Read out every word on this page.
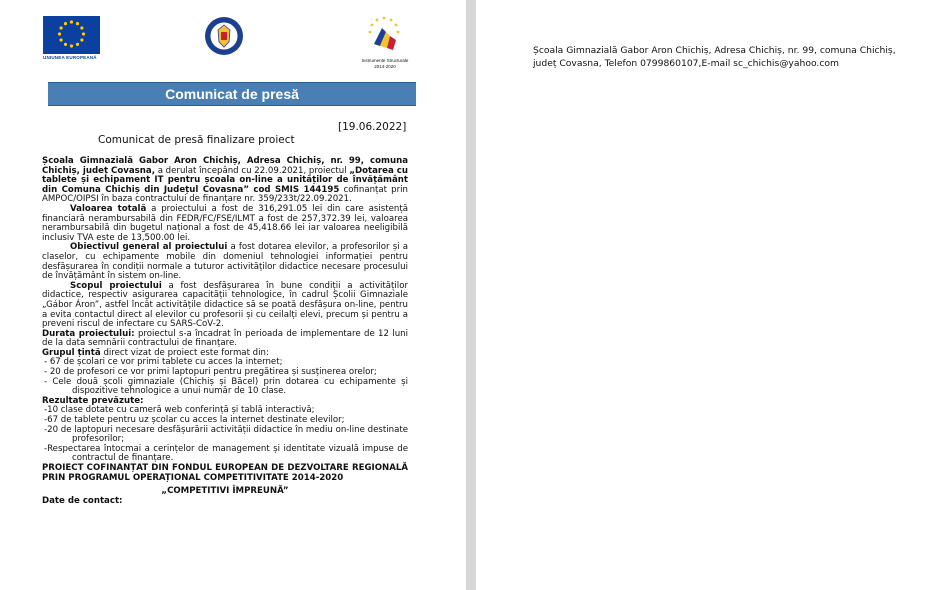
UNIUNEA EUROPEANĂ
Instrumente Structurale
2014-2020
Comunicat de presă
[19.06.2022]
Comunicat de presă finalizare proiect

Școala Gimnazială Gabor Aron Chichiș, Adresa Chichiș, nr. 99, comuna Chichiș, județ Covasna, a derulat începând cu 22.09.2021, proiectul „Dotarea cu tablete și echipament IT pentru școala on-line a unităților de învățământ din Comuna Chichiș din Județul Covasna” cod SMIS 144195 cofinanțat prin AMPOC/OIPSI în baza contractului de finanțare nr. 359/233t/22.09.2021.

Valoarea totală a proiectului a fost de 316,291.05 lei din care asistență financiară nerambursabilă din FEDR/FC/FSE/ILMT a fost de 257,372.39 lei, valoarea nerambursabilă din bugetul național a fost de 45,418.66 lei iar valoarea neeligibilă inclusiv TVA este de 13,500.00 lei.

Obiectivul general al proiectului a fost dotarea elevilor, a profesorilor și a claselor, cu echipamente mobile din domeniul tehnologiei informației pentru desfășurarea în condiții normale a tuturor activităților didactice necesare procesului de învățământ în sistem on-line.

Scopul proiectului a fost desfășurarea în bune condiții a activităților didactice, respectiv asigurarea capacității tehnologice, în cadrul Școlii Gimnaziale „Gábor Áron”, astfel încât activitățile didactice să se poată desfășura on-line, pentru a evita contactul direct al elevilor cu profesorii și cu ceilalți elevi, precum și pentru a preveni riscul de infectare cu SARS-CoV-2.

Durata proiectului: proiectul s-a încadrat în perioada de implementare de 12 luni de la data semnării contractului de finanțare.

Grupul țintă direct vizat de proiect este format din:

- 67 de școlari ce vor primi tablete cu acces la internet;

- 20 de profesori ce vor primi laptopuri pentru pregătirea și susținerea orelor;

- Cele două școli gimnaziale (Chichiș și Băcel) prin dotarea cu echipamente și dispozitive tehnologice a unui număr de 10 clase.

Rezultate prevăzute:

-10 clase dotate cu cameră web conferință și tablă interactivă;

-67 de tablete pentru uz școlar cu acces la internet destinate elevilor;

-20 de laptopuri necesare desfășurării activității didactice în mediu on-line destinate profesorilor;

-Respectarea întocmai a cerințelor de management și identitate vizuală impuse de contractul de finanțare.

PROIECT COFINANȚAT DIN FONDUL EUROPEAN DE DEZVOLTARE REGIONALĂ PRIN PROGRAMUL OPERAȚIONAL COMPETITIVITATE 2014-2020

„COMPETITIVI ÎMPREUNĂ”

Date de contact:

Școala Gimnazială Gabor Aron Chichiș, Adresa Chichiș, nr. 99, comuna Chichiș,
județ Covasna, Telefon 0799860107,E-mail sc_chichis@yahoo.com
